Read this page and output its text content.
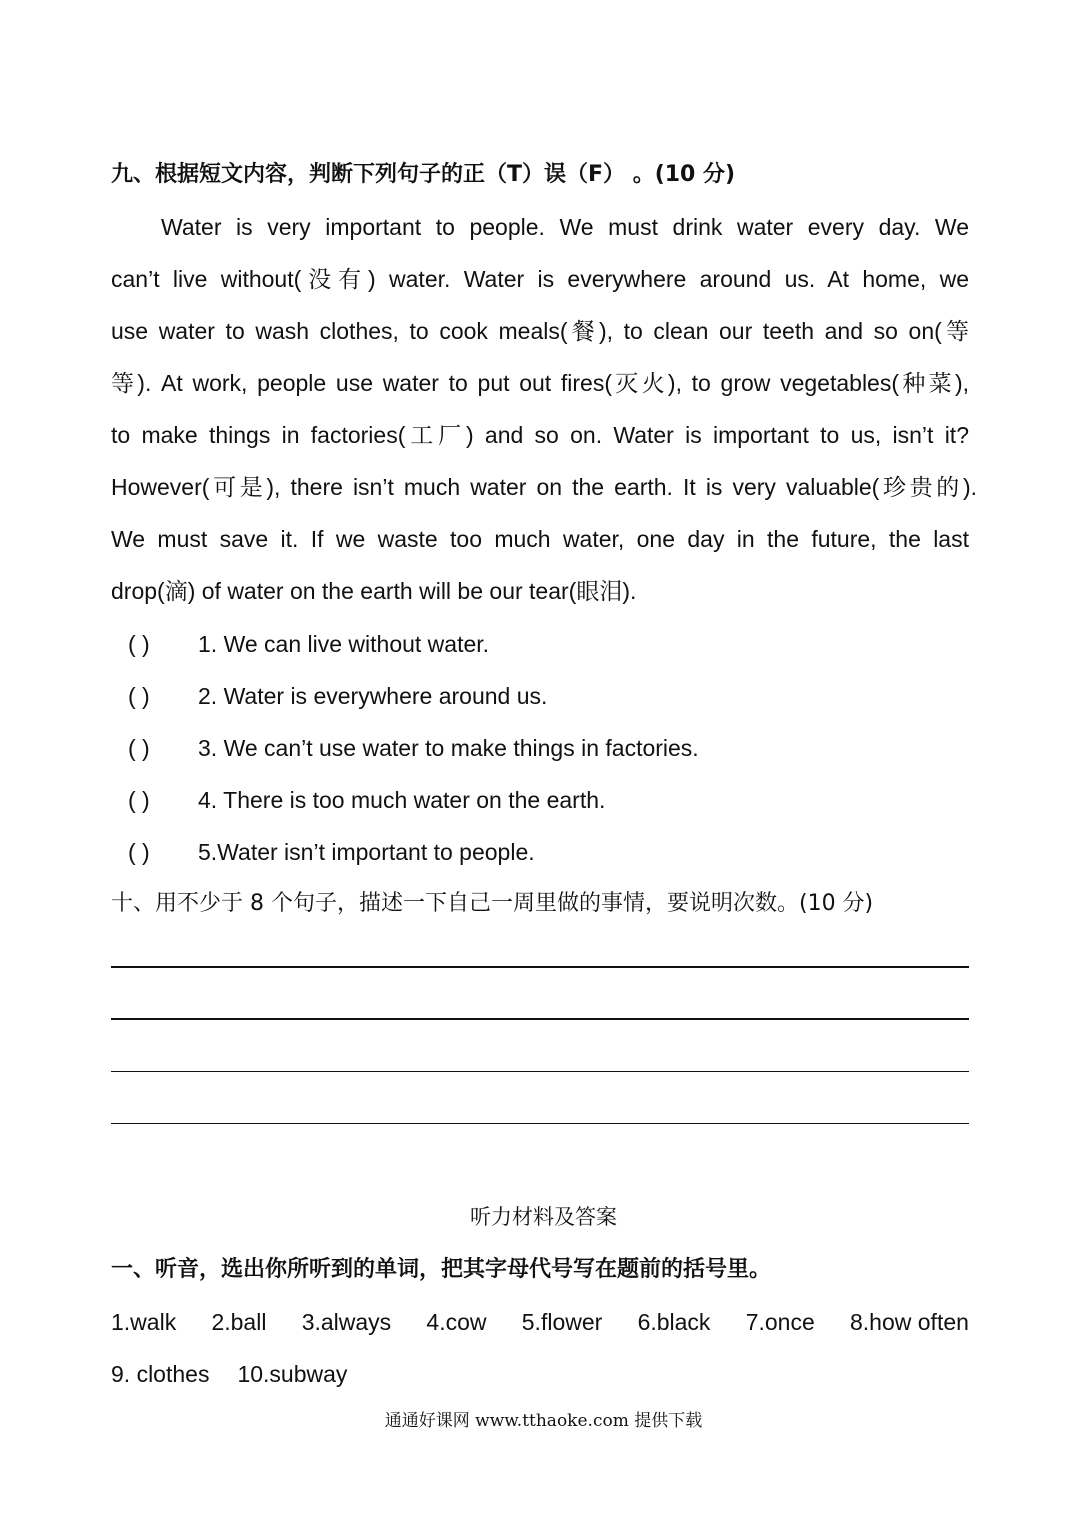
九、根据短文内容，判断下列句子的正（T）误（F） 。(10 分)
Water is very important to people. We must drink water every day. We
can’t live without(没有) water. Water is everywhere around us. At home, we
use water to wash clothes, to cook meals(餐), to clean our teeth and so on(等
等). At work, people use water to put out fires(灭火), to grow vegetables(种菜),
to make things in factories(工厂) and so on. Water is important to us, isn’t it?
However(可是), there isn’t much water on the earth. It is very valuable(珍贵的).
We must save it. If we waste too much water, one day in the future, the last
drop(滴) of water on the earth will be our tear(眼泪).
( ) 1. We can live without water.
( ) 2. Water is everywhere around us.
( ) 3. We can’t use water to make things in factories.
( ) 4. There is too much water on the earth.
( ) 5.Water isn’t important to people.
十、用不少于 8 个句子，描述一下自己一周里做的事情，要说明次数。(10 分)
听力材料及答案
一、听音，选出你所听到的单词，把其字母代号写在题前的括号里。
1.walk 2.ball 3.always 4.cow 5.flower 6.black 7.once 8.how often
9. clothes 10.subway
通通好课网 www.tthaoke.com 提供下载
